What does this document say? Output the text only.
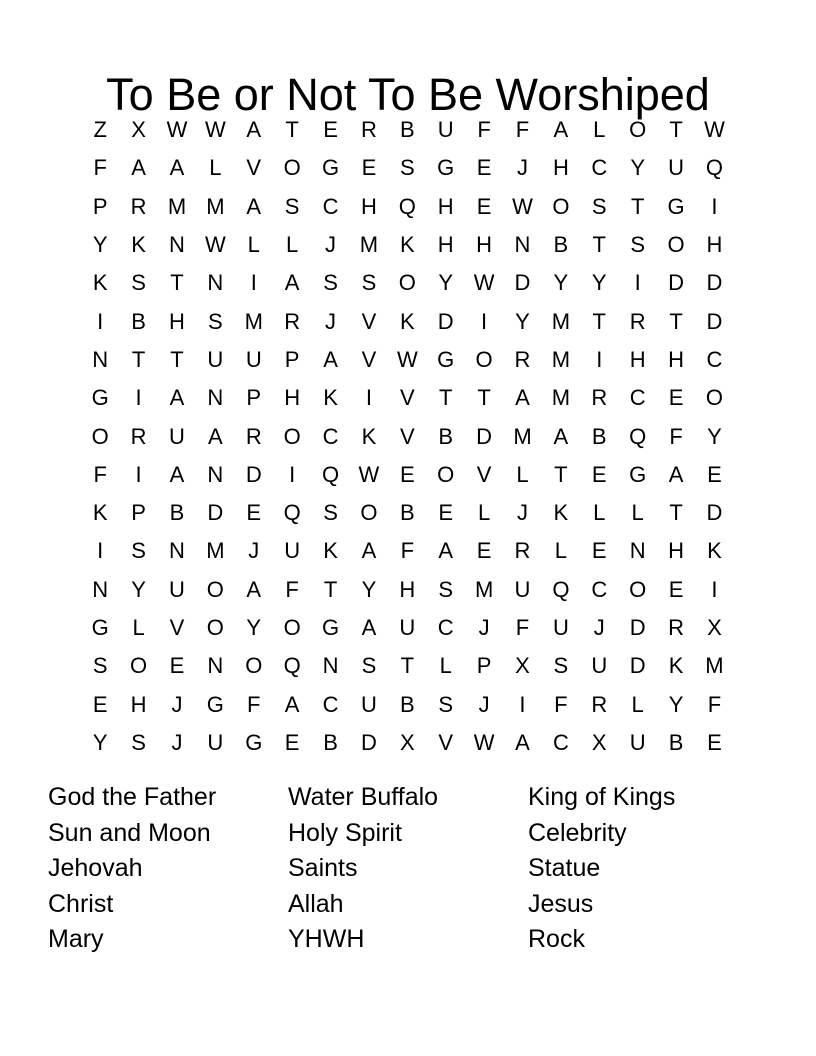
To Be or Not To Be Worshiped
Z	X W W A	T	E	R	B	U	F	F	A	L	O	T W
F	A	A	L	V	O G	E	S	G	E	J	H	C	Y	U Q
P	R M M A	S	C	H Q H	E W O	S	T	G	I
Y	K	N W L	L	J	M K	H	H	N	B	T	S	O H
K	S	T	N	I	A	S	S	O	Y W D	Y	Y	I	D	D
I	B	H	S M R	J	V	K	D	I	Y M	T	R	T	D
N	T	T	U	U	P	A	V W G O R M	I	H	H	C
G	I	A	N	P	H	K	I	V	T	T	A M R	C	E	O
O R	U	A	R O C	K	V	B	D M A	B	Q	F	Y
F	I	A	N	D	I	Q W E	O	V	L	T	E	G	A	E
K	P	B	D	E	Q	S	O	B	E	L	J	K	L	L	T	D
I	S	N M	J	U	K	A	F	A	E	R	L	E	N	H	K
N	Y	U O	A	F	T	Y	H	S M U Q C O	E	I
G	L	V	O	Y	O G	A	U	C	J	F	U	J	D	R	X
S	O	E	N O Q N	S	T	L	P	X	S	U	D	K M
E	H	J	G	F	A	C	U	B	S	J	I	F	R	L	Y	F
Y	S	J	U G	E	B	D	X	V W A	C	X	U	B	E
God the Father
Sun and Moon
Jehovah
Christ
Mary
Water Buffalo
Holy Spirit
Saints
Allah
YHWH
King of Kings
Celebrity
Statue
Jesus
Rock
